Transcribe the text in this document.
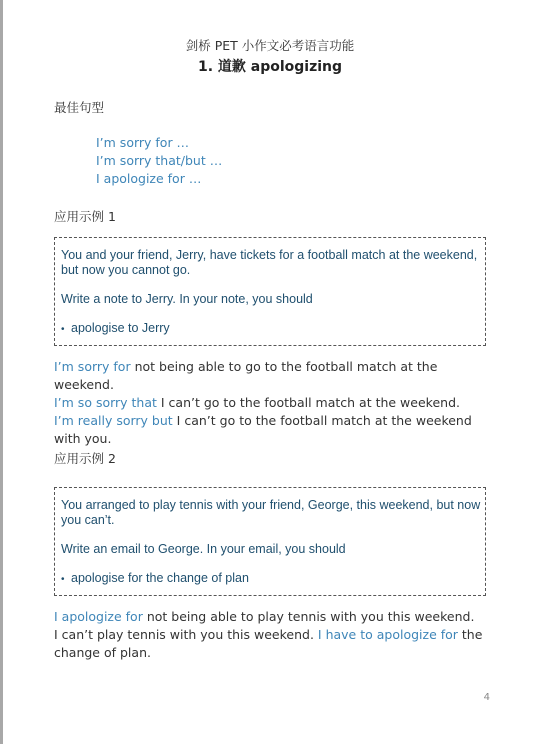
剑桥 PET 小作文必考语言功能
1. 道歉 apologizing
最佳句型
I’m sorry for …
I’m sorry that/but …
I apologize for …
应用示例 1
You and your friend, Jerry, have tickets for a football match at the weekend, but now you cannot go.
Write a note to Jerry. In your note, you should
• apologise to Jerry
I’m sorry for not being able to go to the football match at the weekend.
I’m so sorry that I can’t go to the football match at the weekend.
I’m really sorry but I can’t go to the football match at the weekend with you.
应用示例 2
You arranged to play tennis with your friend, George, this weekend, but now you can’t.
Write an email to George. In your email, you should
• apologise for the change of plan
I apologize for not being able to play tennis with you this weekend.
I can’t play tennis with you this weekend. I have to apologize for the change of plan.
4
